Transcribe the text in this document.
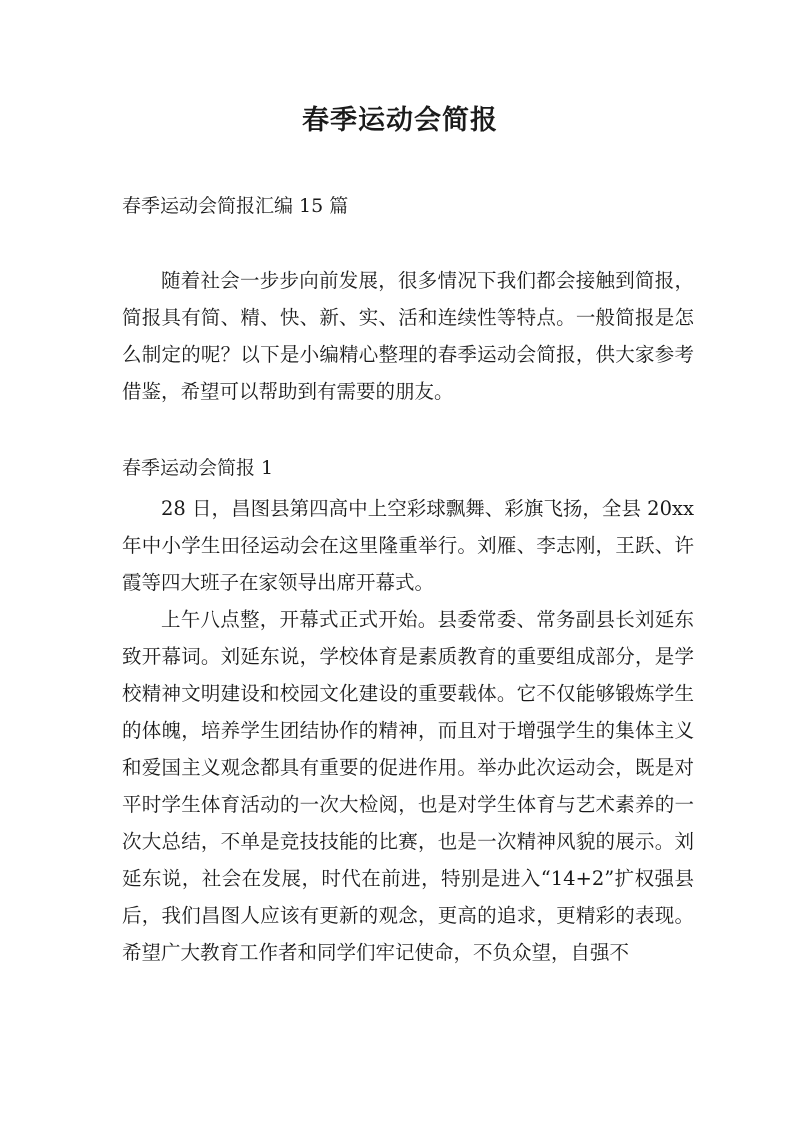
春季运动会简报
春季运动会简报汇编 15 篇

随着社会一步步向前发展，很多情况下我们都会接触到简报，简报具有简、精、快、新、实、活和连续性等特点。一般简报是怎么制定的呢？以下是小编精心整理的春季运动会简报，供大家参考借鉴，希望可以帮助到有需要的朋友。

春季运动会简报 1

28 日，昌图县第四高中上空彩球飘舞、彩旗飞扬，全县 20xx 年中小学生田径运动会在这里隆重举行。刘雁、李志刚，王跃、许霞等四大班子在家领导出席开幕式。

上午八点整，开幕式正式开始。县委常委、常务副县长刘延东致开幕词。刘延东说，学校体育是素质教育的重要组成部分，是学校精神文明建设和校园文化建设的重要载体。它不仅能够锻炼学生的体魄，培养学生团结协作的精神，而且对于增强学生的集体主义和爱国主义观念都具有重要的促进作用。举办此次运动会，既是对平时学生体育活动的一次大检阅，也是对学生体育与艺术素养的一次大总结，不单是竞技技能的比赛，也是一次精神风貌的展示。刘延东说，社会在发展，时代在前进，特别是进入“14+2”扩权强县后，我们昌图人应该有更新的观念，更高的追求，更精彩的表现。希望广大教育工作者和同学们牢记使命，不负众望，自强不
